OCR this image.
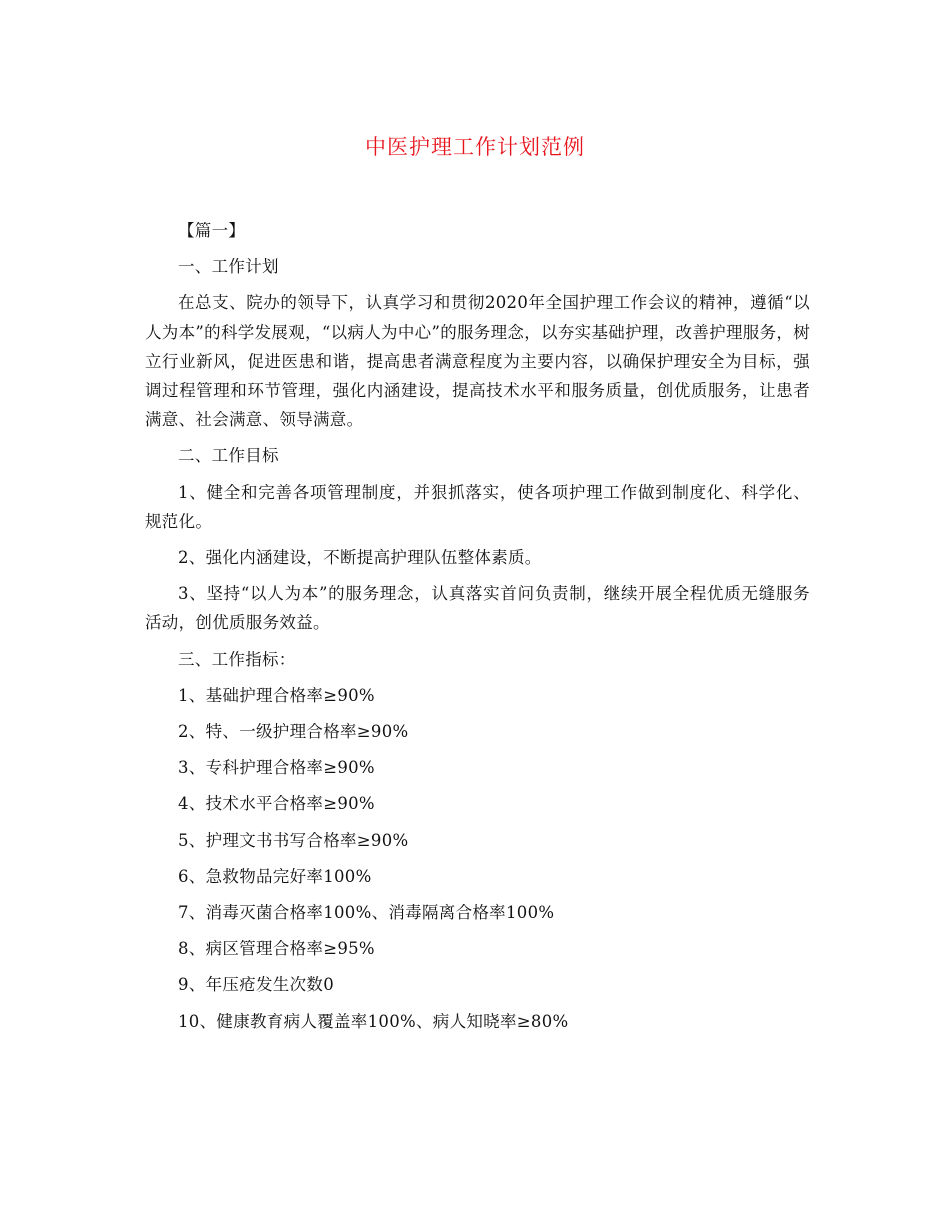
中医护理工作计划范例

【篇一】

一、工作计划

在总支、院办的领导下，认真学习和贯彻2020年全国护理工作会议的精神，遵循“以人为本”的科学发展观，“以病人为中心”的服务理念，以夯实基础护理，改善护理服务，树立行业新风，促进医患和谐，提高患者满意程度为主要内容，以确保护理安全为目标，强调过程管理和环节管理，强化内涵建设，提高技术水平和服务质量，创优质服务，让患者满意、社会满意、领导满意。

二、工作目标

1、健全和完善各项管理制度，并狠抓落实，使各项护理工作做到制度化、科学化、规范化。

2、强化内涵建设，不断提高护理队伍整体素质。

3、坚持“以人为本”的服务理念，认真落实首问负责制，继续开展全程优质无缝服务活动，创优质服务效益。

三、工作指标：

1、基础护理合格率≥90%

2、特、一级护理合格率≥90%

3、专科护理合格率≥90%

4、技术水平合格率≥90%

5、护理文书书写合格率≥90%

6、急救物品完好率100%

7、消毒灭菌合格率100%、消毒隔离合格率100%

8、病区管理合格率≥95%

9、年压疮发生次数0

10、健康教育病人覆盖率100%、病人知晓率≥80%
